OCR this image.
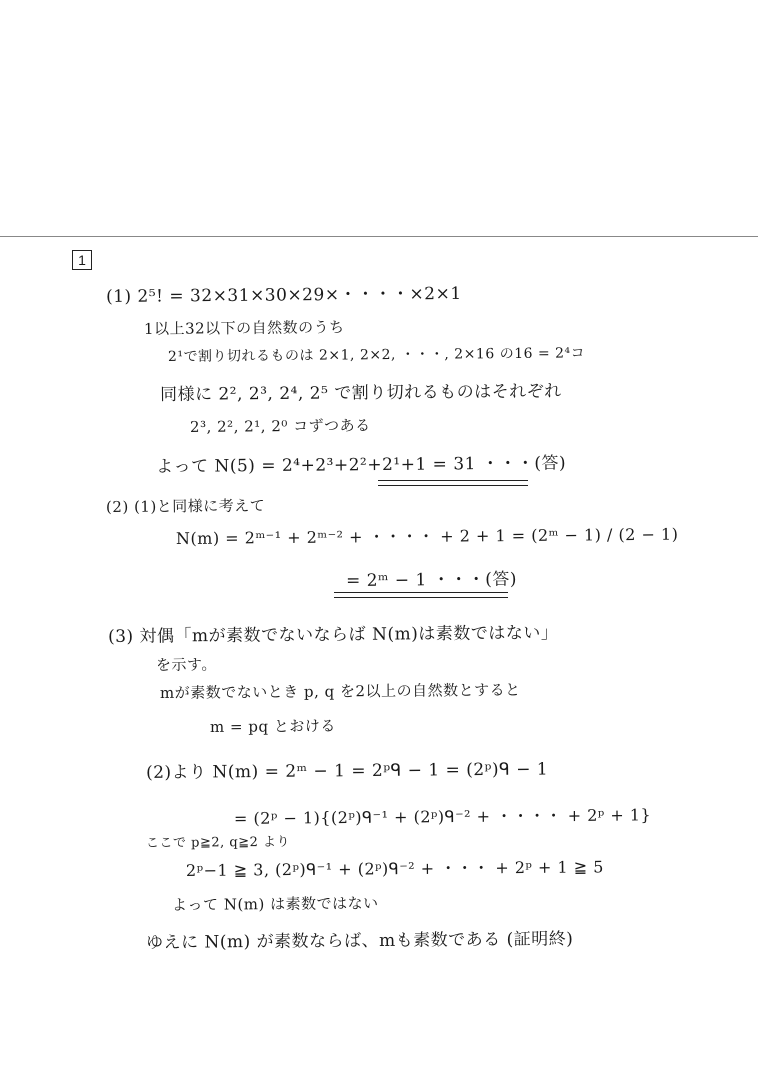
1
(1) 2⁵! = 32×31×30×29×・・・・×2×1
1以上32以下の自然数のうち
2¹で割り切れるものは 2×1, 2×2, ・・・, 2×16 の16 = 2⁴コ
同様に 2², 2³, 2⁴, 2⁵ で割り切れるものはそれぞれ
2³, 2², 2¹, 2⁰ コずつある
よって N(5) = 2⁴+2³+2²+2¹+1 = 31 ・・・(答)
(2) (1)と同様に考えて
N(m) = 2ᵐ⁻¹ + 2ᵐ⁻² + ・・・・ + 2 + 1 = (2ᵐ − 1) / (2 − 1)
= 2ᵐ − 1 ・・・(答)
(3) 対偶「mが素数でないならば N(m)は素数ではない」
を示す。
mが素数でないとき p, q を2以上の自然数とすると
m = pq とおける
(2)より N(m) = 2ᵐ − 1 = 2ᵖᑫ − 1 = (2ᵖ)ᑫ − 1
= (2ᵖ − 1){(2ᵖ)ᑫ⁻¹ + (2ᵖ)ᑫ⁻² + ・・・・ + 2ᵖ + 1}
ここで p≧2, q≧2 より
2ᵖ−1 ≧ 3, (2ᵖ)ᑫ⁻¹ + (2ᵖ)ᑫ⁻² + ・・・ + 2ᵖ + 1 ≧ 5
よって N(m) は素数ではない
ゆえに N(m) が素数ならば、mも素数である (証明終)
